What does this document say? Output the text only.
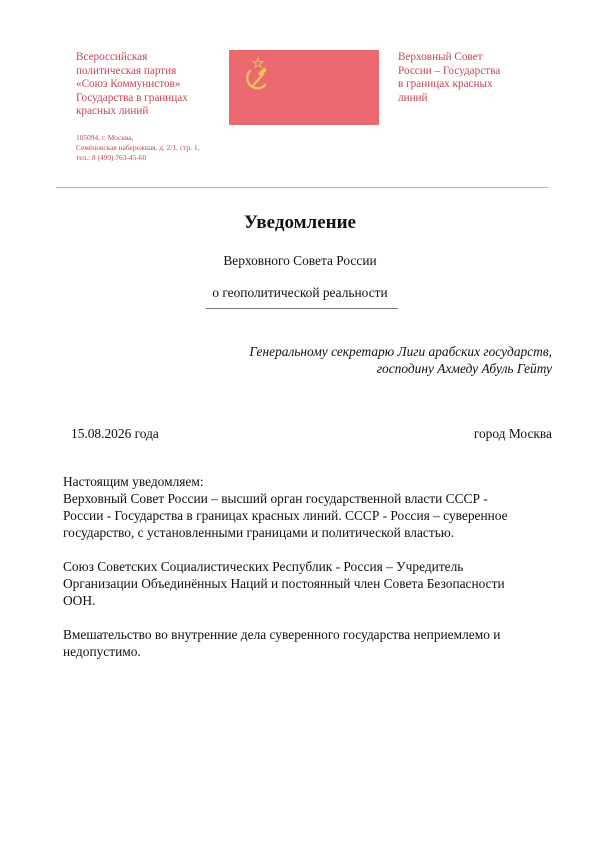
Всероссийская
политическая партия
«Союз Коммунистов»
Государства в границах
красных линий
105094, г. Москва,
Семёновская набережная, д. 2/1, стр. 1,
тел.: 8 (499) 763-45-60
Верховный Совет
России – Государства
в границах красных
линий
Уведомление
Верховного Совета России
о геополитической реальности
Генеральному секретарю Лиги арабских государств,
господину Ахмеду Абуль Гейту
15.08.2026 года	город Москва
Настоящим уведомляем:
Верховный Совет России – высший орган государственной власти СССР -
России - Государства в границах красных линий. СССР - Россия – суверенное
государство, с установленными границами и политической властью.
Союз Советских Социалистических Республик - Россия – Учредитель
Организации Объединённых Наций и постоянный член Совета Безопасности
ООН.
Вмешательство во внутренние дела суверенного государства неприемлемо и
недопустимо.
